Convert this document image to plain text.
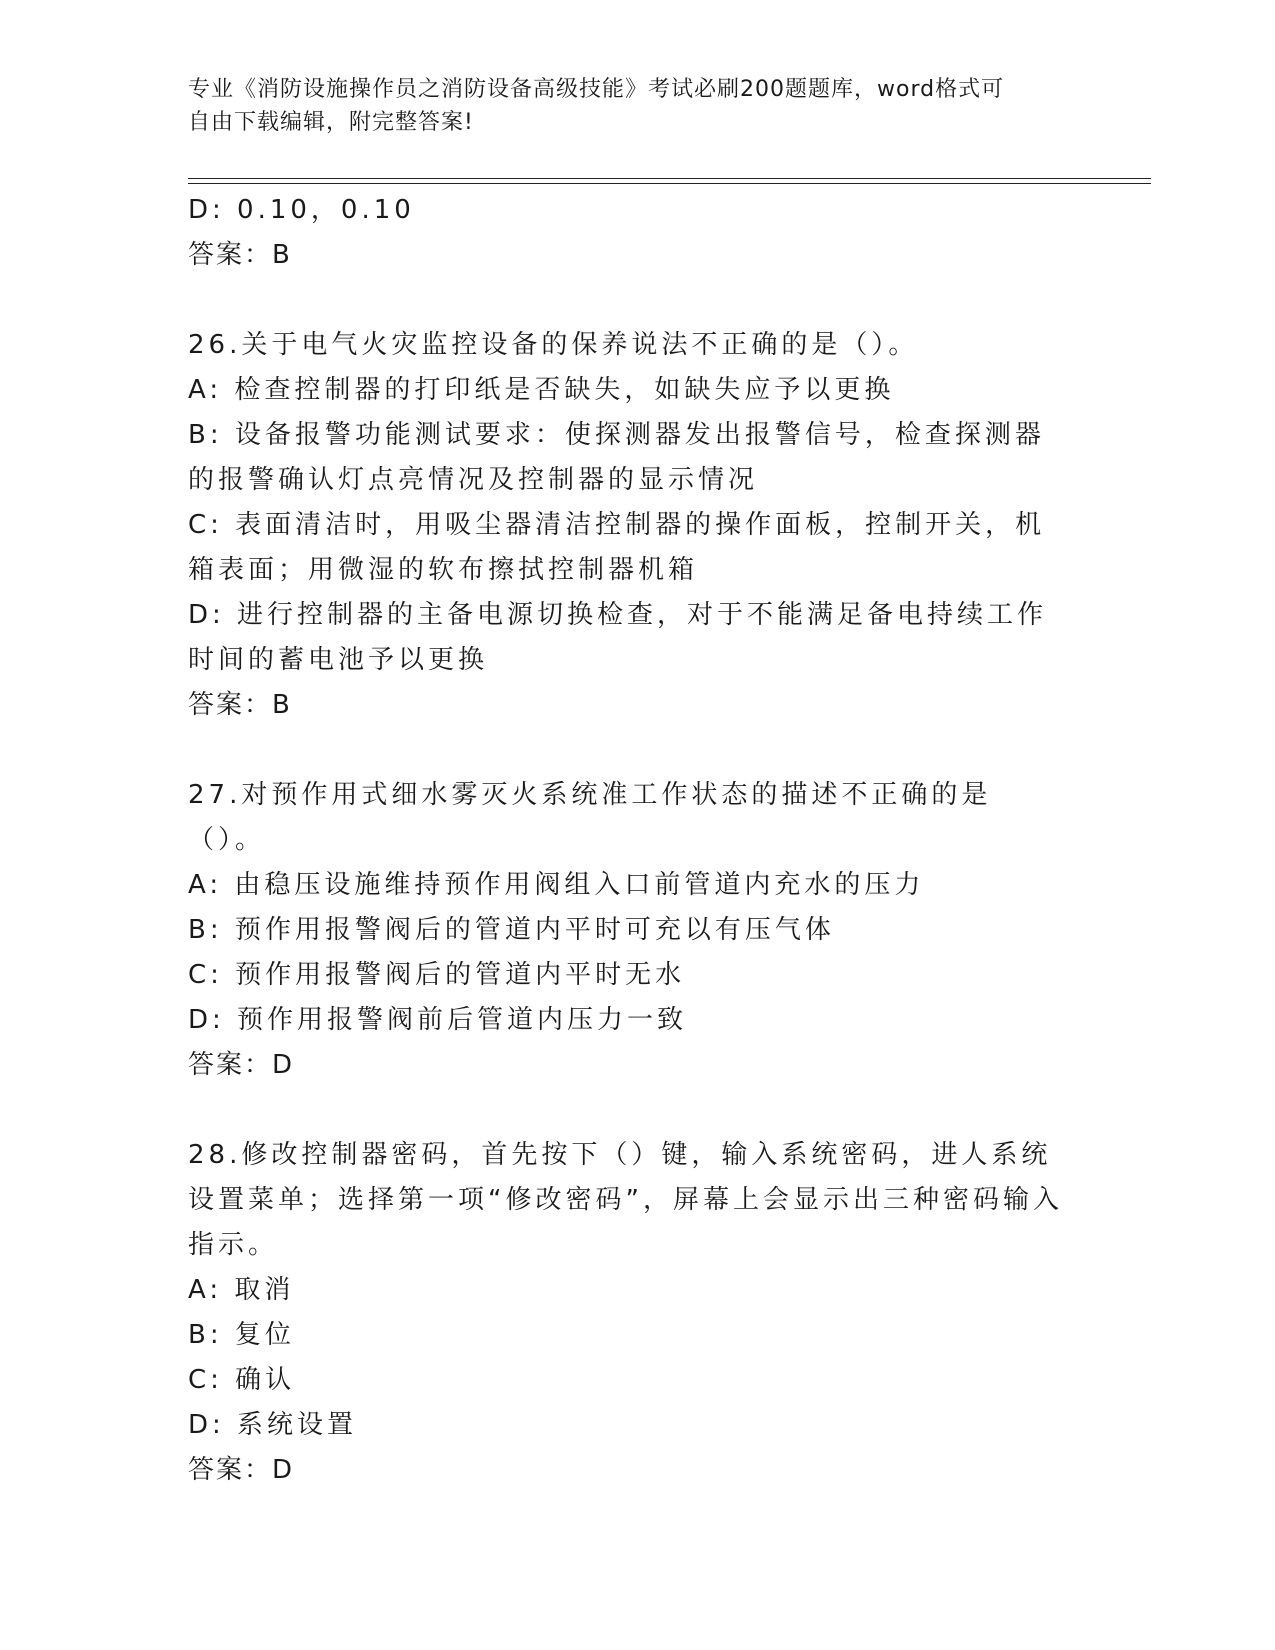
专业《消防设施操作员之消防设备高级技能》考试必刷200题题库，word格式可
自由下载编辑，附完整答案!

D: 0.10，0.10

答案：B

26.关于电气火灾监控设备的保养说法不正确的是（）。

A: 检查控制器的打印纸是否缺失，如缺失应予以更换

B: 设备报警功能测试要求：使探测器发出报警信号，检查探测器的报警确认灯点亮情况及控制器的显示情况

C: 表面清洁时，用吸尘器清洁控制器的操作面板，控制开关，机箱表面；用微湿的软布擦拭控制器机箱

D: 进行控制器的主备电源切换检查，对于不能满足备电持续工作时间的蓄电池予以更换

答案：B

27.对预作用式细水雾灭火系统准工作状态的描述不正确的是（）。

A: 由稳压设施维持预作用阀组入口前管道内充水的压力

B: 预作用报警阀后的管道内平时可充以有压气体

C: 预作用报警阀后的管道内平时无水

D: 预作用报警阀前后管道内压力一致

答案：D

28.修改控制器密码，首先按下（）键，输入系统密码，进人系统设置菜单；选择第一项“修改密码”，屏幕上会显示出三种密码输入指示。

A: 取消

B: 复位

C: 确认

D: 系统设置

答案：D
